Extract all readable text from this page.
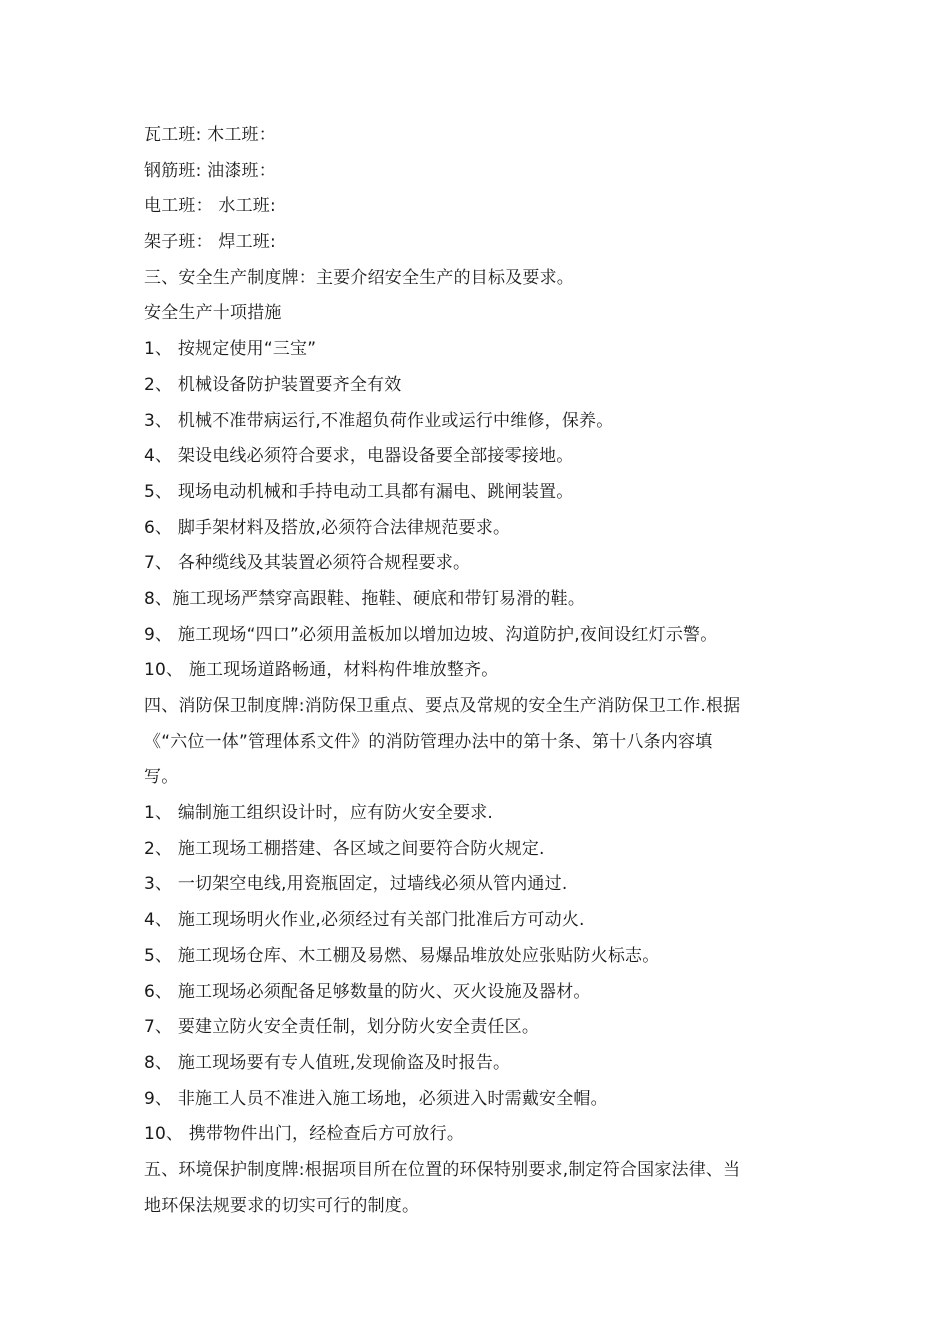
瓦工班: 木工班：
钢筋班: 油漆班：
电工班： 水工班:
架子班： 焊工班:
三、安全生产制度牌：主要介绍安全生产的目标及要求。
安全生产十项措施
1、 按规定使用“三宝”
2、 机械设备防护装置要齐全有效
3、 机械不准带病运行,不准超负荷作业或运行中维修，保养。
4、 架设电线必须符合要求，电器设备要全部接零接地。
5、 现场电动机械和手持电动工具都有漏电、跳闸装置。
6、 脚手架材料及搭放,必须符合法律规范要求。
7、 各种缆线及其装置必须符合规程要求。
8、施工现场严禁穿高跟鞋、拖鞋、硬底和带钉易滑的鞋。
9、 施工现场“四口”必须用盖板加以增加边坡、沟道防护,夜间设红灯示警。
10、 施工现场道路畅通，材料构件堆放整齐。
四、消防保卫制度牌:消防保卫重点、要点及常规的安全生产消防保卫工作.根据
《“六位一体”管理体系文件》的消防管理办法中的第十条、第十八条内容填
写。
1、 编制施工组织设计时，应有防火安全要求.
2、 施工现场工棚搭建、各区域之间要符合防火规定.
3、 一切架空电线,用瓷瓶固定，过墙线必须从管内通过.
4、 施工现场明火作业,必须经过有关部门批准后方可动火.
5、 施工现场仓库、木工棚及易燃、易爆品堆放处应张贴防火标志。
6、 施工现场必须配备足够数量的防火、灭火设施及器材。
7、 要建立防火安全责任制，划分防火安全责任区。
8、 施工现场要有专人值班,发现偷盗及时报告。
9、 非施工人员不准进入施工场地，必须进入时需戴安全帽。
10、 携带物件出门，经检查后方可放行。
五、环境保护制度牌:根据项目所在位置的环保特别要求,制定符合国家法律、当
地环保法规要求的切实可行的制度。
